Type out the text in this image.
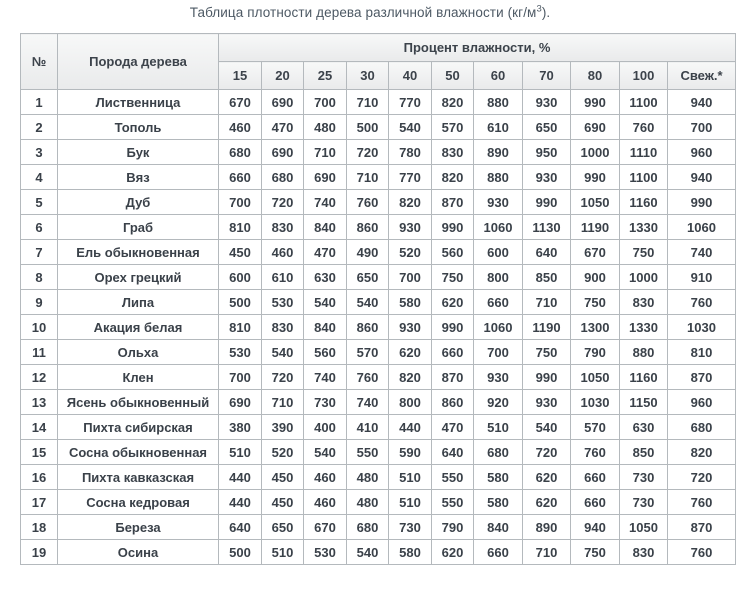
Таблица плотности дерева различной влажности $(кг/м^3)$.
№	Порода дерева	Процент влажности, %										
		15	20	25	30	40	50	60	70	80	100	Свеж.*
1	Лиственница	670	690	700	710	770	820	880	930	990	1100	940
2	Тополь	460	470	480	500	540	570	610	650	690	760	700
3	Бук	680	690	710	720	780	830	890	950	1000	1110	960
4	Вяз	660	680	690	710	770	820	880	930	990	1100	940
5	Дуб	700	720	740	760	820	870	930	990	1050	1160	990
6	Граб	810	830	840	860	930	990	1060	1130	1190	1330	1060
7	Ель обыкновенная	450	460	470	490	520	560	600	640	670	750	740
8	Орех грецкий	600	610	630	650	700	750	800	850	900	1000	910
9	Липа	500	530	540	540	580	620	660	710	750	830	760
10	Акация белая	810	830	840	860	930	990	1060	1190	1300	1330	1030
11	Ольха	530	540	560	570	620	660	700	750	790	880	810
12	Клен	700	720	740	760	820	870	930	990	1050	1160	870
13	Ясень обыкновенный	690	710	730	740	800	860	920	930	1030	1150	960
14	Пихта сибирская	380	390	400	410	440	470	510	540	570	630	680
15	Сосна обыкновенная	510	520	540	550	590	640	680	720	760	850	820
16	Пихта кавказская	440	450	460	480	510	550	580	620	660	730	720
17	Сосна кедровая	440	450	460	480	510	550	580	620	660	730	760
18	Береза	640	650	670	680	730	790	840	890	940	1050	870
19	Осина	500	510	530	540	580	620	660	710	750	830	760
